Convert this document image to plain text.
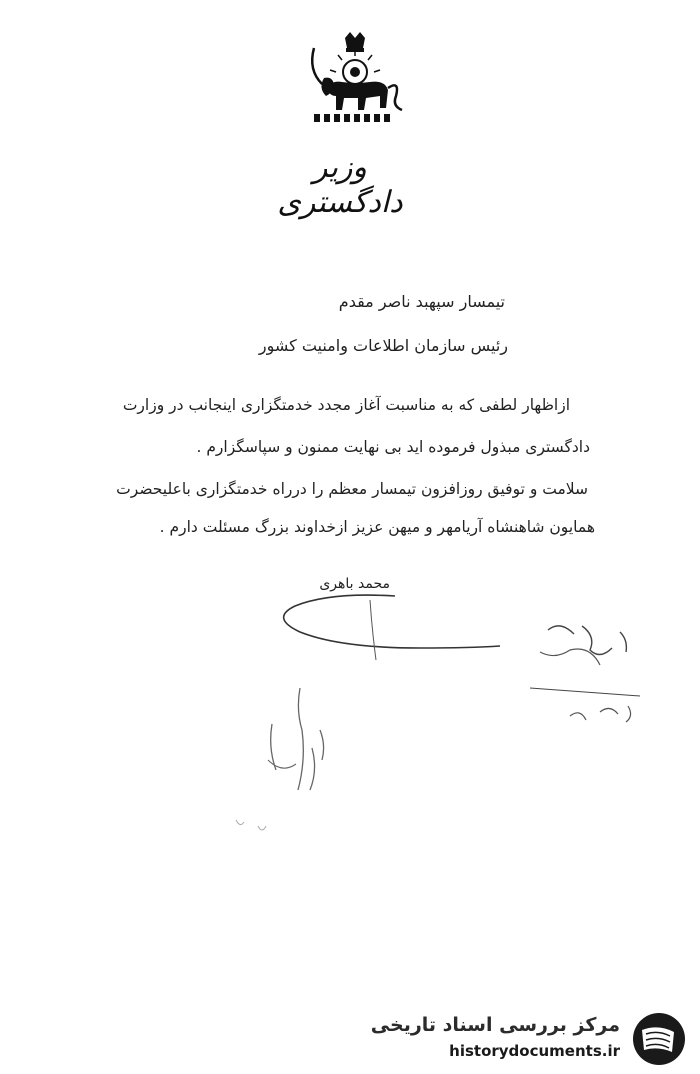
وزیر دادگستری
تیمسار سپهبد ناصر مقدم
رئیس سازمان اطلاعات وامنیت کشور
ازاظهار لطفی که به مناسبت آغاز مجدد خدمتگزاری اینجانب در وزارت
دادگستری مبذول فرموده اید بی نهایت ممنون و سپاسگزارم .
سلامت و توفیق روزافزون تیمسار معظم را درراه خدمتگزاری باعلیحضرت
همایون شاهنشاه آریامهر و میهن عزیز ازخداوند بزرگ مسئلت دارم .
محمد باهری
مرکز بررسی اسناد تاریخی
historydocuments.ir
